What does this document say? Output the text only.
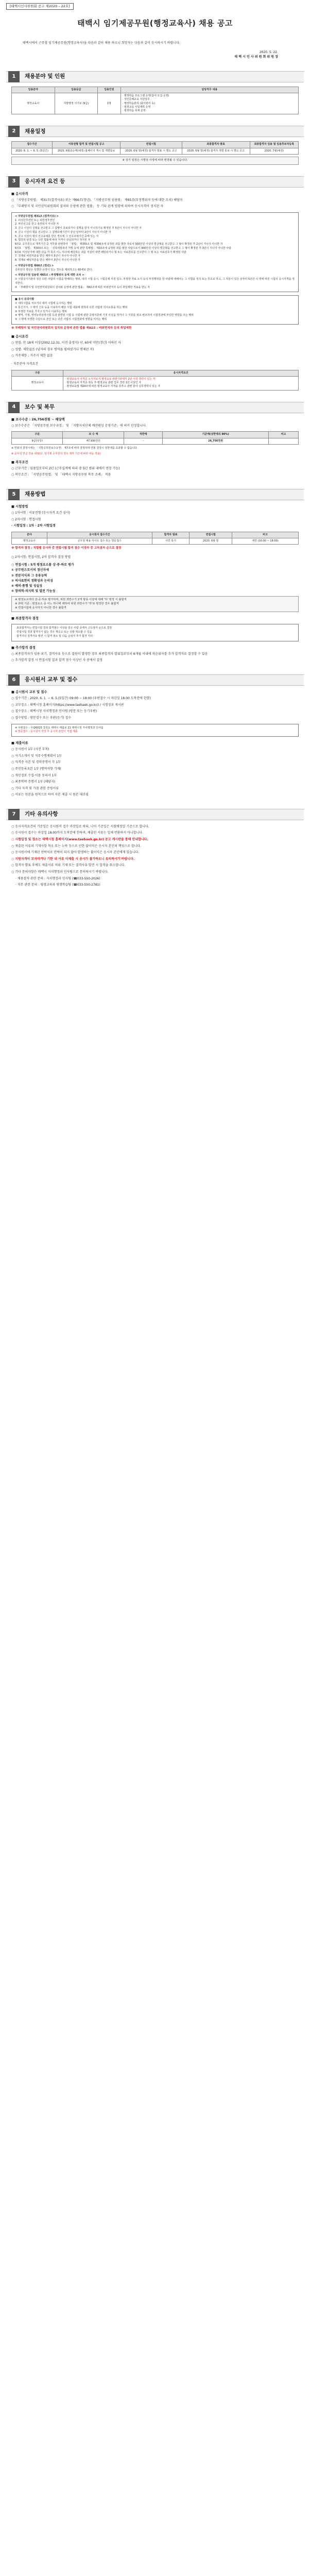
[태백시인사위원회 공고 제2020 – 22호]
태백시 임기제공무원(행정교육사) 채용 공고
태백시에서 근무할 임기제공무원(행정교육사)을 다음과 같이 채용 하오니 희망자는 다음과 같이 응시하시기 바랍니다.
2020. 5. 22.
태 백 시 인 사 위 원 회 위 원 장
1	채용분야 및 인원
임용분야	임용등급	임용인원	담당직무 내용
행정교육사	지방행정 서기보 (9급)	1명	· 행정학습 프로그램 운영(참여 모집·운영)
· 성인문해교육 지원업무
· 행정학습관리 (출석관리 등)
· 평생교육 사업계획 운영
· 평생학습 축제 운영
2	채용일정
접수기간	서류전형 합격 및 면접시험 공고	면접시험	최종합격자 발표	최종합격자 임용 및 임용후보자등록
2020. 6. 1. ~ 6. 5. (5일간)	2020. 6월중순께(예정) 홈페이지 게시 및 개별통보	2020. 6월 말(예정) 합격자 발표 시 별도 공고	2020. 6월 말(예정) 합격자 개별 통보 시 별도 공고	2020. 7월(예정)
※ 상기 일정은 시행상 사정에 따라 변경될 수 있습니다.
3	응시자격 요건 등
■ 응시자격
○ 「지방공무원법」 제31조(결격사유) 또는 제66조(정년), 「지방공무원 임용령」 제65조(부정행위자 등에 대한 조치) 해당자
○ 「부패방지 및 국민권익위원회의 설치와 운영에 관한 법률」 등 기타 관계 법령에 의하여 응시자격이 정지된 자
< 지방공무원법 제31조 (결격사유) >
1. 피성년후견인 또는 피한정후견인
2. 파산선고를 받고 복권되지 아니한 자
3. 금고 이상의 실형을 선고받고 그 집행이 종료되거나 집행을 받지 아니하기로 확정된 후 5년이 지나지 아니한 자
4. 금고 이상의 형을 선고받고 그 집행유예기간이 끝난 날부터 2년이 지나지 아니한 자
5. 금고 이상의 형의 선고유예를 받은 경우에 그 선고유예기간 중에 있는 자
6. 법원의 판결 또는 다른 법률에 따라 자격이 상실되거나 정지된 자
6의2. 공무원으로 재직기간 중 직무와 관련하여 「형법」 제355조 및 제356조에 규정된 죄를 범한 자로서 300만원 이상의 벌금형을 선고받고 그 형이 확정된 후 2년이 지나지 아니한 자
6의3. 「형법」 제303조 또는 「성폭력범죄의 처벌 등에 관한 특례법」 제10조에 규정된 죄를 범한 사람으로서 300만원 이상의 벌금형을 선고받고 그 형이 확정된 후 3년이 지나지 아니한 사람
6의4. 미성년자에 대한 다음 각 목의 어느 하나에 해당하는 죄를 저질러 파면·해임되거나 형 또는 치료감호를 선고받아 그 형 또는 치료감호가 확정된 사람
7. 징계로 파면처분을 받은 때부터 5년이 지나지 아니한 자
8. 징계로 해임처분을 받은 때부터 3년이 지나지 아니한 자
< 지방공무원법 제66조 (정년) >
공무원의 정년은 특별한 규정이 있는 경우를 제외하고는 60세로 한다.
< 지방공무원 임용령 제65조 : 부정행위자 등에 대한 조치 >
① 시험실시기관의 장은 다른 사람의 시험을 방해하는 행위, 대리 시험 응시, 시험문제 사전 입수, 부정한 자료 소지 등의 부정행위를 한 사람에 대해서는 그 시험을 정지 또는 무효로 하고, 그 처분이 있은 날부터 5년간 이 영에 따른 시험의 응시자격을 정지한다.
② 「부패방지 및 국민권익위원회의 설치와 운영에 관한 법률」 제82조에 따른 비위면직자 등의 취업제한 적용을 받는 자
■ 응시 유의사항
① 대리시험을 치르거나 대리 시험에 응시하는 행위
② 통신기기, 그 밖의 신호 등을 이용하여 해당 시험 내용에 관하여 다른 사람과 의사소통을 하는 행위
③ 부정한 자료를 가지고 있거나 이용하는 행위
④ 병역, 가점, 영어능력검정시험 등과 관련된 시험 등 시험에 관한 증명서류에 거짓 사실을 적거나 그 서류를 위조·변조하여 시험결과에 부당한 영향을 주는 행위
⑤ 그 밖에 부정한 수단으로 본인 또는 다른 사람의 시험결과에 영향을 미치는 행위
※ 부패방지 및 국민권익위원회의 설치와 운영에 관한 법률 제82조 : 비위면직자 등의 취업제한
■ 응시요건
○ 연령: 만 18세 이상(2002.12.31. 이전 출생자) 단, 60세 미만(정년) 이하인 자
○ 성별: 제한없음 (남자의 경우 병역을 필하였거나 면제된 자)
○ 거주제한 : 거주지 제한 없음
· 직무분야 자격요건
구분	응시자격요건
행정교육사	· 평생교육사 자격증 소지자로서 평생교육 관련기관에서 2년 이상 경력이 있는 자
· 평생교육사 자격증 취득 후 평생교육 관련 업무 경력 1년 이상인 자
· 평생교육법 제24조에 따른 평생교육사 자격을 갖추고 관련 분야 실무경력이 있는 자
4	보수 및 복무
■ 보수수준 : 26,756천원 ∼ 해당액
○ 보수수준은 「지방공무원 보수규정」 및 「지방자치단체 예산편성 운영기준」에 의거 산정합니다.
구분	보 수 액	하한액	기준액(상한액의 80%)	비고
9급(상당)	47,930천원	–	26,756천원	
※ 연봉의 결정시에는 「지방공무원보수규정」 제7조에 따라 결정하며 연봉 결정시 상한액을 초과할 수 없습니다.
※ 공무원 연금 적용 대상(단, 임기제 공무원의 경우 재직 기간에 따라 차등 적용)
■ 복무조건
○ 근무기간 : 임용일로부터 2년 (근무실적에 따라 총 5년 범위 내에서 연장 가능)
○ 복무조건 : 「지방공무원법」 및 「태백시 지방공무원 복무 조례」 적용
5	채용방법
■ 시험방법
○ 1차시험 : 서류전형 (응시자격 요건 심사)
○ 2차시험 : 면접시험
· 시험일정 : 1차 · 2차 시험일정
분야	응시원서 접수기간	합격자 발표	면접시험	비고
행정교육사	공무원 채용 사이트 접수 또는 방문접수	서면 통지	2020. 6월 말	대면 (10:00 ~ 18:00)
※ 합격자 결정 : 직렬별 응시자 중 면접시험 합격 점수 이상자 중 고득점자 순으로 결정
○ 2차시험: 면접시험, 2차 합격자 결정 방법
○ 면접시험 : 5개 평정요소를 상·중·하로 평가
① 공무원으로서의 정신자세
② 전문지식과 그 응용능력
③ 의사표현의 정확성과 논리성
④ 예의·품행 및 성실성
⑤ 창의력·의지력 및 발전 가능성
※ 평정요소마다 상·중·하로 평가하며, 위원 과반수가 2개 항목 이상에 대해 '하' 평정 시 불합격
※ 과락 기준 : 평정요소 중 어느 하나에 대하여 위원 과반수가 '하'로 평정한 경우 불합격
※ 면접시험에 응시하지 아니한 경우 불합격
■ 최종합격자 결정
· 최종합격자는 면접시험 결과 합격점수 이상을 얻은 사람 중에서 고득점자 순으로 결정
· 면접시험 결과 합격자가 없는 경우 재공고 또는 선발 취소할 수 있음
· 합격자의 결격사유 발견 시 합격 취소 및 다음 순위자 추가 합격 처리
■ 추가합격 결정
○ 최종합격자가 임용 포기, 결격사유 등으로 결원이 발생한 경우 최종합격자 발표일로부터 6개월 이내에 차순위자를 추가 합격자로 결정할 수 있음
○ 추가합격 결정 시 면접시험 결과 합격 점수 이상인 자 중에서 결정
6	응시원서 교부 및 접수
■ 응시원서 교부 및 접수
○ 접수기간 : 2020. 6. 1. ~ 6. 5.(5일간) 09:00 ~ 18:00 (우편접수 시 마감일 18:00 도착분에 한함)
○ 교부장소 : 태백시청 홈페이지(https://www.taebaek.go.kr/) / 시험정보 게시판
○ 접수장소 : 태백시청 자치행정과 인사팀 (방문 또는 등기우편)
○ 접수방법 : 방문접수 또는 우편(등기) 접수
※ 우편접수 : 우)26015 강원도 태백시 태붐로 21 태백시청 자치행정과 인사팀
※ 방문접수 : 응시원서 작성 후 응시자 본인이 직접 제출
■ 제출서류
○ 응시원서 1부 (사진 부착)
○ 자기소개서 및 직무수행계획서 1부
○ 자격증 사본 및 경력증명서 각 1부
○ 주민등록초본 1부 (병역사항 기재)
○ 개인정보 수집·이용 동의서 1부
○ 최종학력 증명서 1부 (해당자)
○ 기타 자격 및 가점 관련 증빙서류
○ 서류는 원본을 원칙으로 하며 사본 제출 시 원본 대조필
7	기타 유의사항
○ 응시자격요건의 기준일은 응시원서 접수 마감일로 하되, 나이 기준일은 시험예정일 기준으로 합니다.
○ 응시원서 접수는 마감일 18:00까지 도착분에 한하며, 제출된 서류는 일체 반환하지 아니합니다.
○ 시험일정 및 장소는 태백시청 홈페이지(www.taebaek.go.kr) 공고 게시판을 통해 안내합니다.
○ 제출된 서류의 기재사항 착오 또는 누락 등으로 인한 불이익은 응시자 본인의 책임으로 합니다.
○ 응시원서에 기재된 연락처로 연락이 되지 않아 발생하는 불이익은 응시자 본인에게 있습니다.
○ 지원자격이 모자라거나 기한 내 서류 미제출 시 응시가 불가하오니 유의하시기 바랍니다.
○ 합격자 발표 후에도 제출서류 허위 기재 또는 결격사유 발견 시 합격을 취소합니다.
○ 기타 문의사항은 태백시 자치행정과 인사팀으로 문의하시기 바랍니다.
· 채용절차 관련 문의 : 자치행정과 인사팀 (☎033-550-2026)
· 직무 관련 문의 : 평생교육과 평생학습팀 (☎033-550-2781)
